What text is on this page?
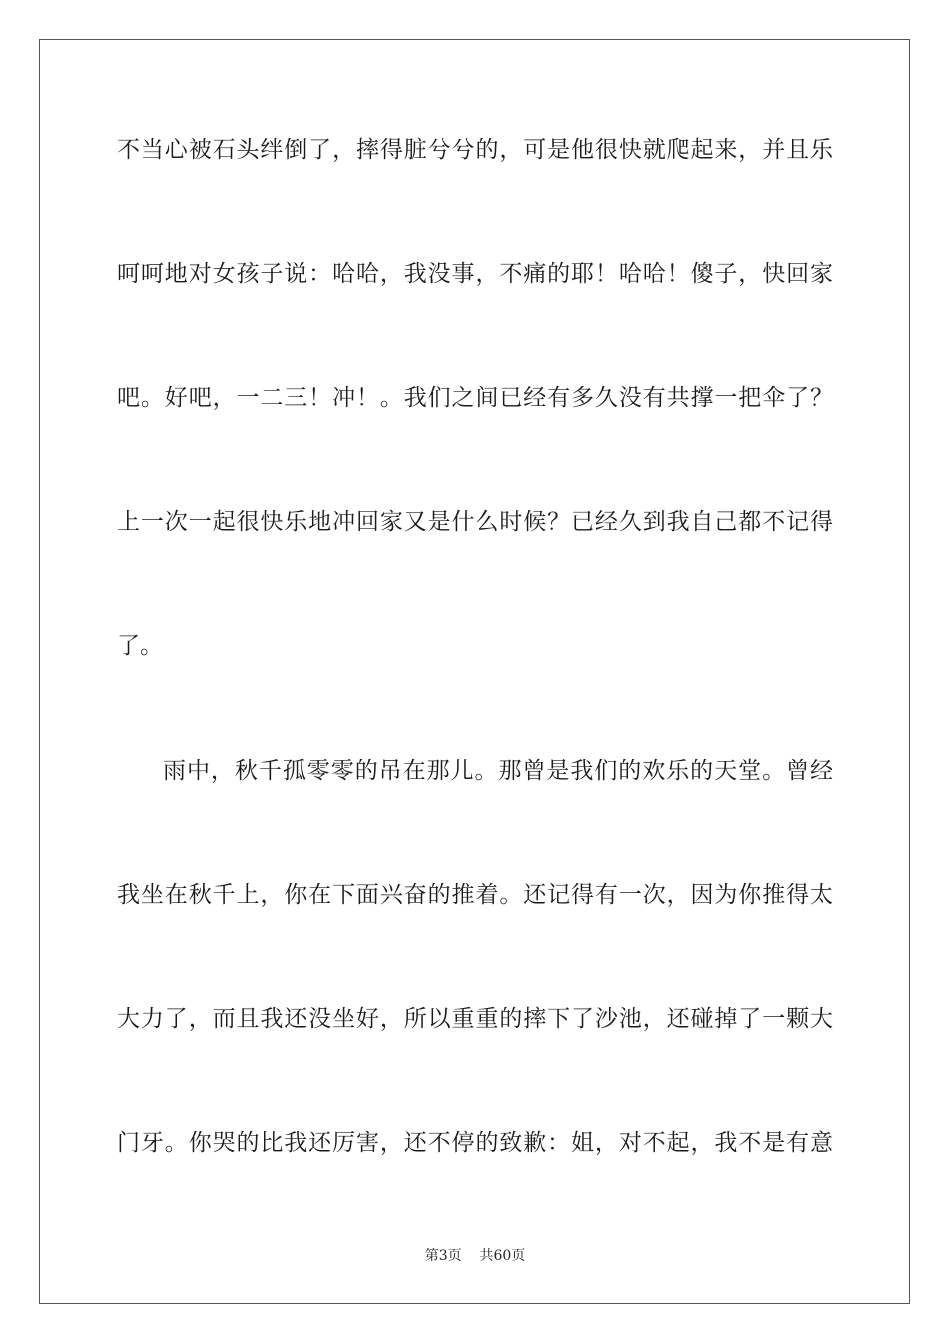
不当心被石头绊倒了，摔得脏兮兮的，可是他很快就爬起来，并且乐
呵呵地对女孩子说：哈哈，我没事，不痛的耶！哈哈！傻子，快回家
吧。好吧，一二三！冲！。我们之间已经有多久没有共撑一把伞了？
上一次一起很快乐地冲回家又是什么时候？已经久到我自己都不记得
了。
雨中，秋千孤零零的吊在那儿。那曾是我们的欢乐的天堂。曾经
我坐在秋千上，你在下面兴奋的推着。还记得有一次，因为你推得太
大力了，而且我还没坐好，所以重重的摔下了沙池，还碰掉了一颗大
门牙。你哭的比我还厉害，还不停的致歉：姐，对不起，我不是有意
第3页 共60页
